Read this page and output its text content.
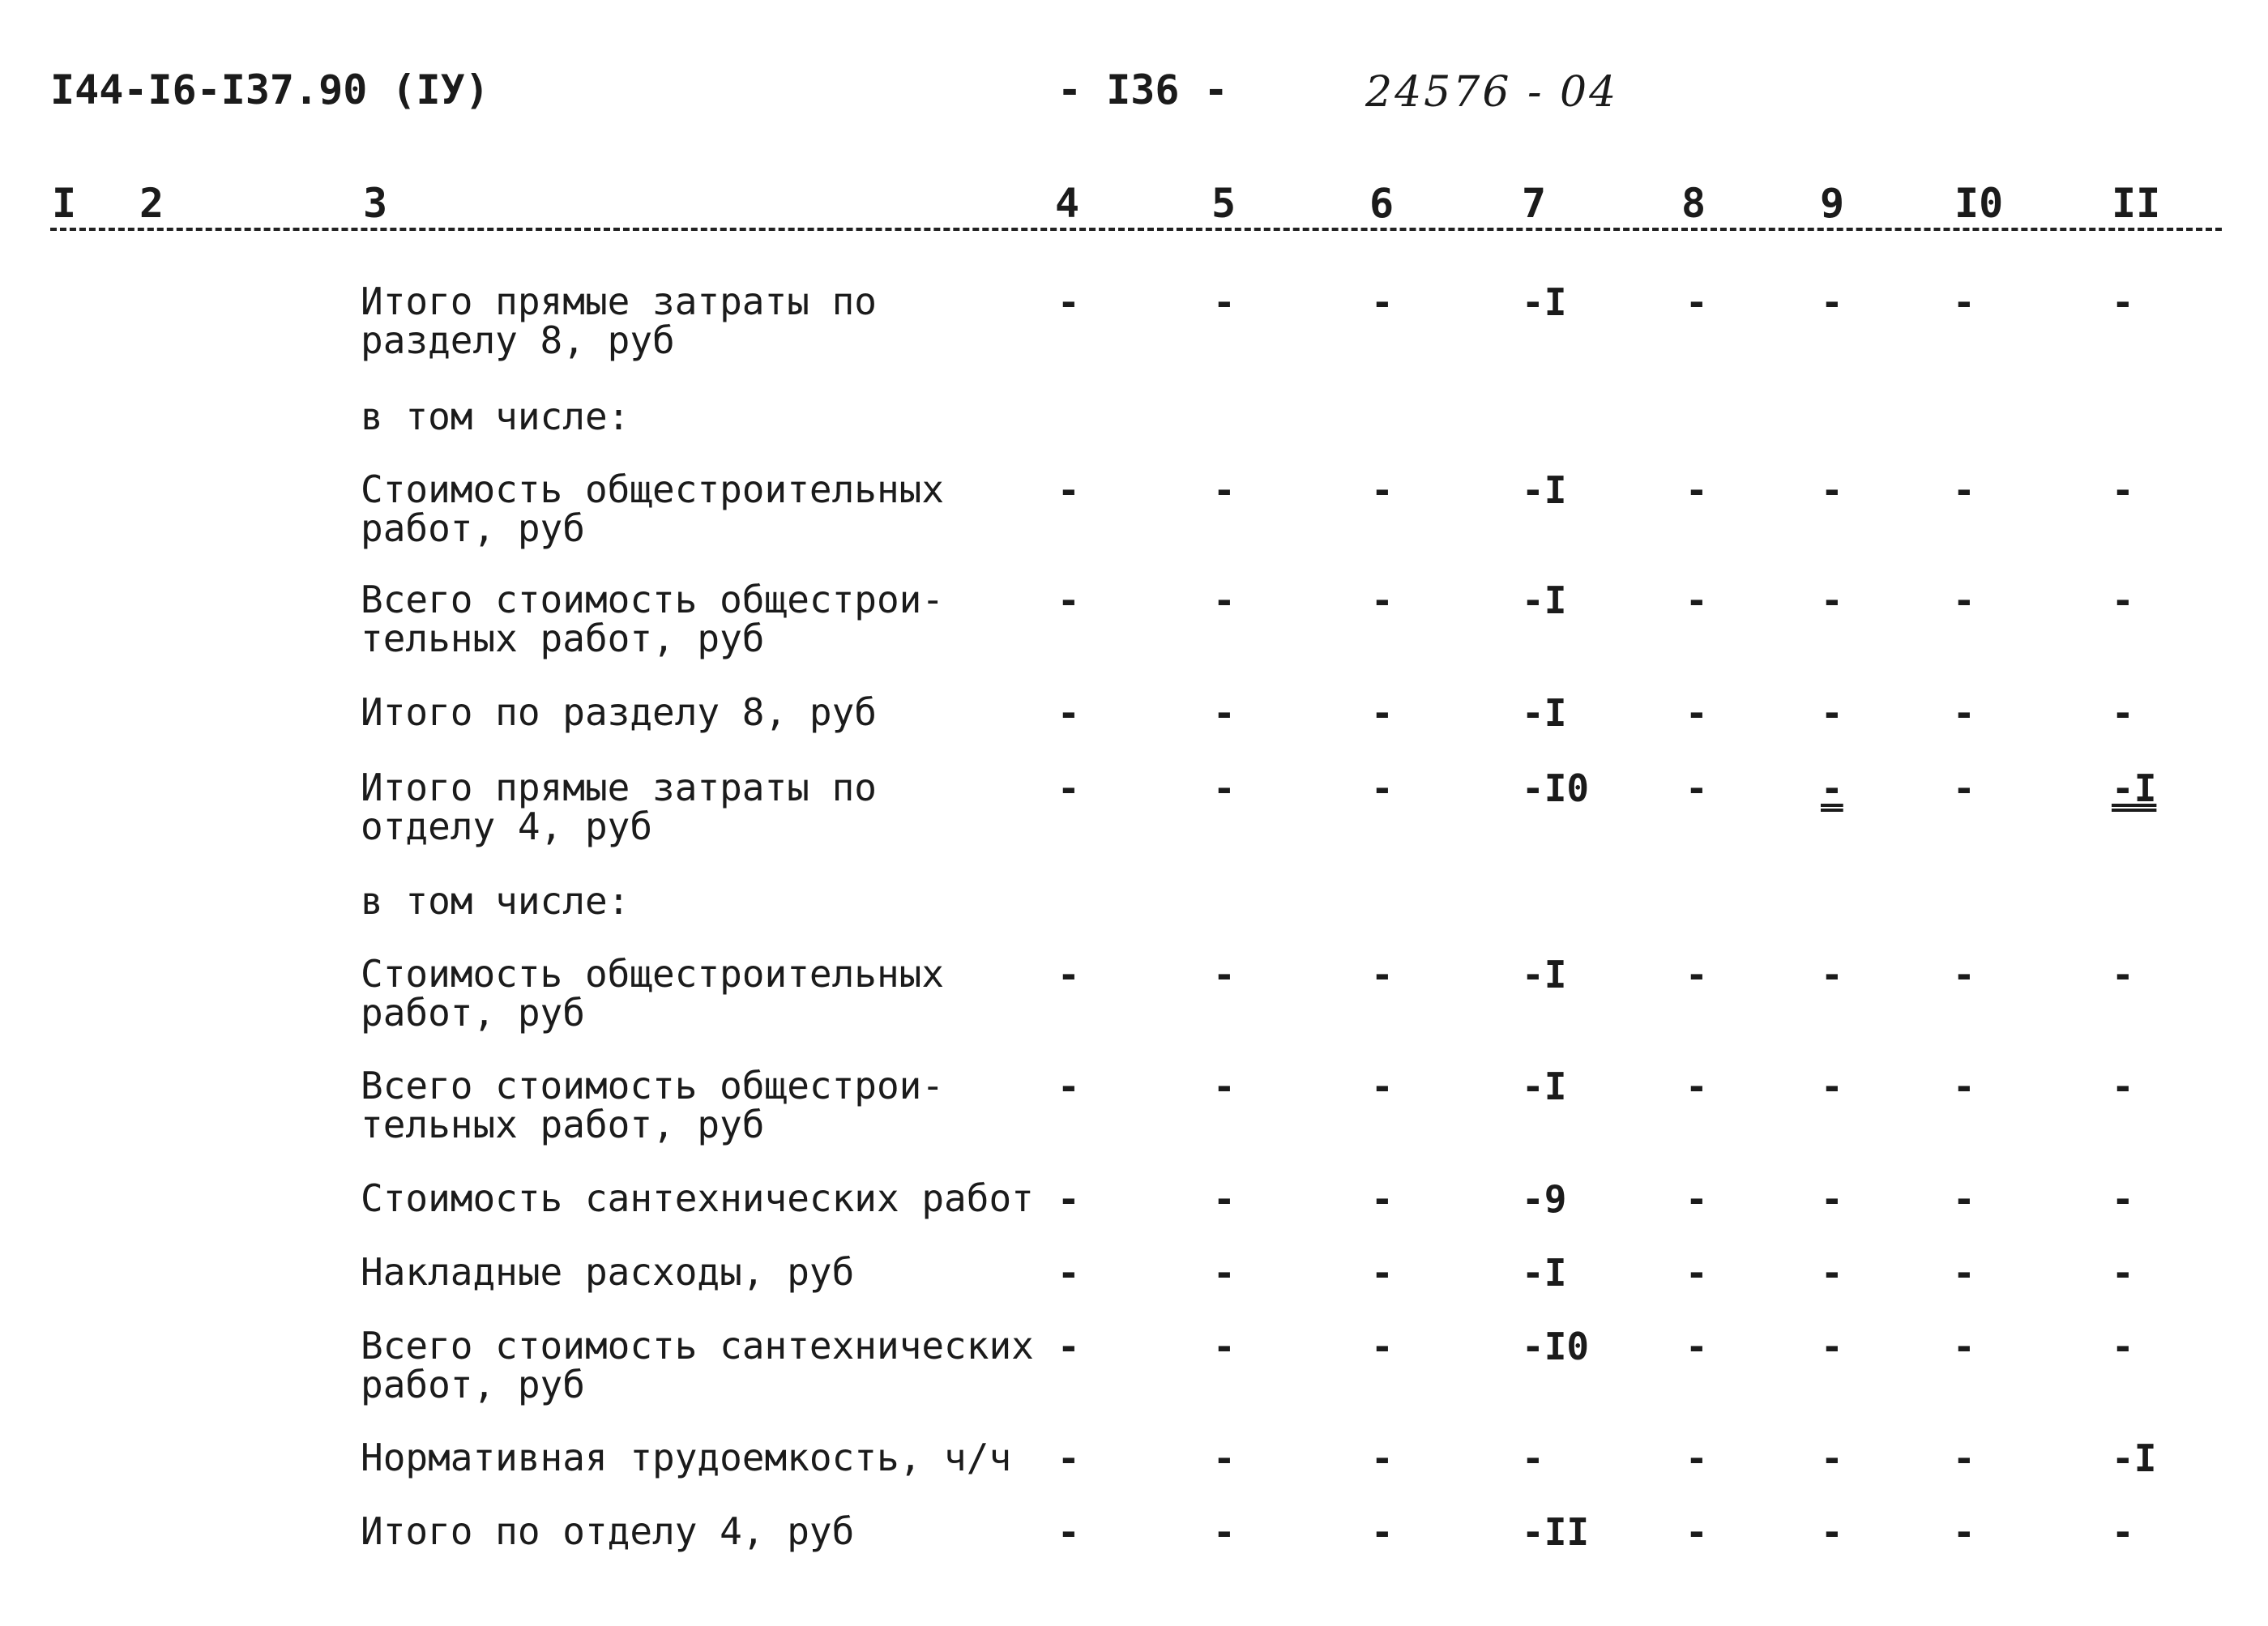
I44-I6-I37.90 (IУ)	- I36 -	24576 - 04
I 2	3	4	5	6	7	8	9	I0	II
Итого прямые затраты по
разделу 8, руб
-	-	-	-I	-	-	-	-
в том числе:
Стоимость общестроительных
работ, руб
-	-	-	-I	-	-	-	-
Всего стоимость общестрои-
тельных работ, руб
-	-	-	-I	-	-	-	-
Итого по разделу 8, руб	-	-	-	-I	-	-	-	-
Итого прямые затраты по
отделу 4, руб
-	-	-	-I0	-	-	-	-I
в том числе:
Стоимость общестроительных
работ, руб
-	-	-	-I	-	-	-	-
Всего стоимость общестрои-
тельных работ, руб
-	-	-	-I	-	-	-	-
Стоимость сантехнических работ -	-	-	-9	-	-	-	-
Накладные расходы, руб	-	-	-	-I	-	-	-	-
Всего стоимость сантехнических
работ, руб
-	-	-	-I0	-	-	-	-
Нормативная трудоемкость, ч/ч -	-	-	-	-	-	-	-I
Итого по отделу 4, руб	-	-	-	-II	-	-	-	-
